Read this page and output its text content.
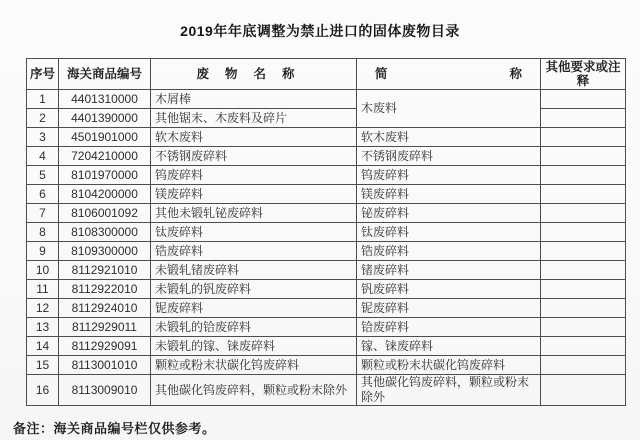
2019年年底调整为禁止进口的固体废物目录
序号	海关商品编号	废物名称	简称	其他要求或注释
1	4401310000	木屑棒	木废料	
2	4401390000	其他锯末、木废料及碎片		
3	4501901000	软木废料	软木废料	
4	7204210000	不锈钢废碎料	不锈钢废碎料	
5	8101970000	钨废碎料	钨废碎料	
6	8104200000	镁废碎料	镁废碎料	
7	8106001092	其他未锻轧铋废碎料	铋废碎料	
8	8108300000	钛废碎料	钛废碎料	
9	8109300000	锆废碎料	锆废碎料	
10	8112921010	未锻轧锗废碎料	锗废碎料	
11	8112922010	未锻轧的钒废碎料	钒废碎料	
12	8112924010	铌废碎料	铌废碎料	
13	8112929011	未锻轧的铪废碎料	铪废碎料	
14	8112929091	未锻轧的镓、铼废碎料	镓、铼废碎料	
15	8113001010	颗粒或粉末状碳化钨废碎料	颗粒或粉末状碳化钨废碎料	
16	8113009010	其他碳化钨废碎料，颗粒或粉末除外	其他碳化钨废碎料，颗粒或粉末除外	
备注：海关商品编号栏仅供参考。
